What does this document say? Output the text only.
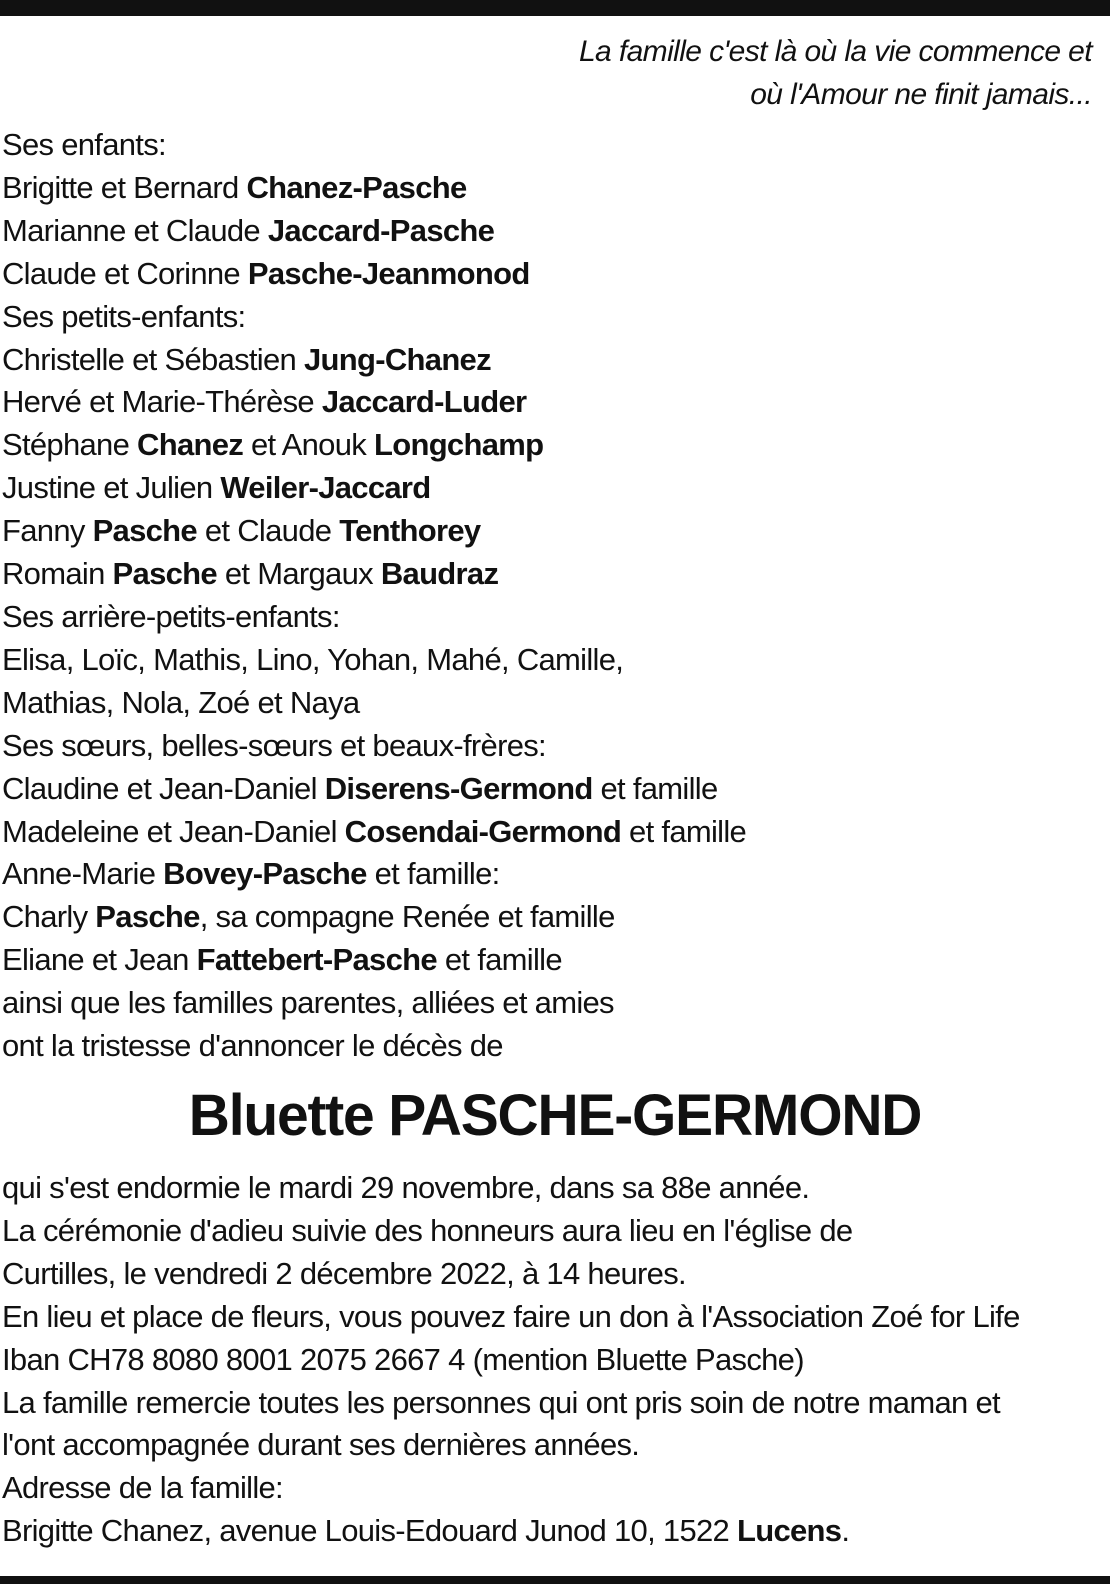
La famille c'est là où la vie commence et
où l'Amour ne finit jamais...
Ses enfants:
Brigitte et Bernard Chanez-Pasche
Marianne et Claude Jaccard-Pasche
Claude et Corinne Pasche-Jeanmonod
Ses petits-enfants:
Christelle et Sébastien Jung-Chanez
Hervé et Marie-Thérèse Jaccard-Luder
Stéphane Chanez et Anouk Longchamp
Justine et Julien Weiler-Jaccard
Fanny Pasche et Claude Tenthorey
Romain Pasche et Margaux Baudraz
Ses arrière-petits-enfants:
Elisa, Loïc, Mathis, Lino, Yohan, Mahé, Camille,
Mathias, Nola, Zoé et Naya
Ses sœurs, belles-sœurs et beaux-frères:
Claudine et Jean-Daniel Diserens-Germond et famille
Madeleine et Jean-Daniel Cosendai-Germond et famille
Anne-Marie Bovey-Pasche et famille:
Charly Pasche, sa compagne Renée et famille
Eliane et Jean Fattebert-Pasche et famille
ainsi que les familles parentes, alliées et amies
ont la tristesse d'annoncer le décès de
Bluette PASCHE-GERMOND
qui s'est endormie le mardi 29 novembre, dans sa 88e année.
La cérémonie d'adieu suivie des honneurs aura lieu en l'église de
Curtilles, le vendredi 2 décembre 2022, à 14 heures.
En lieu et place de fleurs, vous pouvez faire un don à l'Association Zoé for Life
Iban CH78 8080 8001 2075 2667 4 (mention Bluette Pasche)
La famille remercie toutes les personnes qui ont pris soin de notre maman et
l'ont accompagnée durant ses dernières années.
Adresse de la famille:
Brigitte Chanez, avenue Louis-Edouard Junod 10, 1522 Lucens.
